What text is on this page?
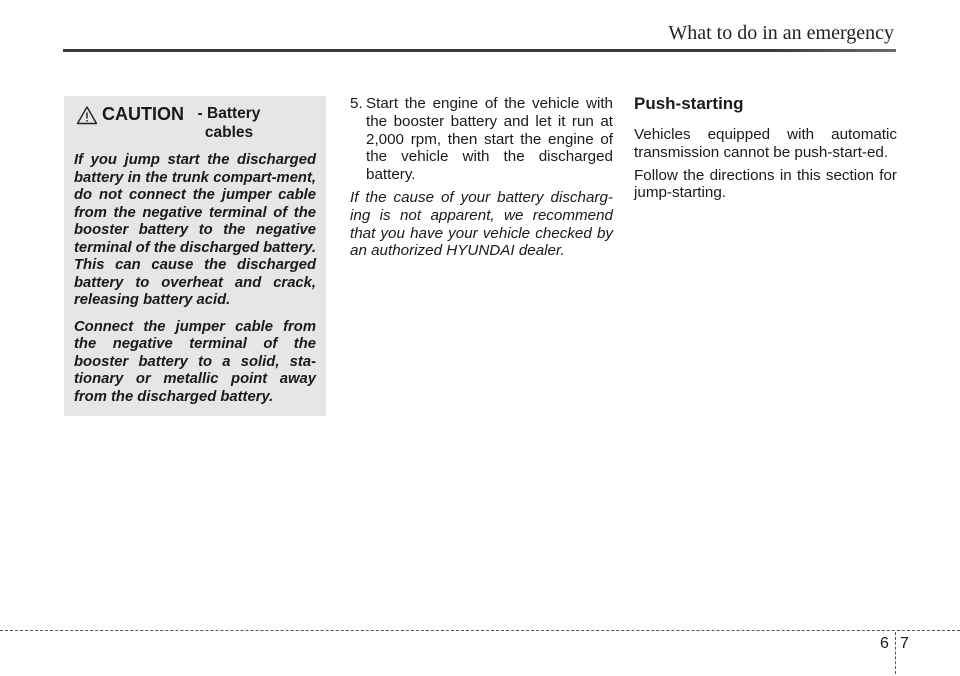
What to do in an emergency
CAUTION - Battery cables

If you jump start the discharged battery in the trunk compart-ment, do not connect the jumper cable from the negative terminal of the booster battery to the negative terminal of the discharged battery. This can cause the discharged battery to overheat and crack, releasing battery acid.

Connect the jumper cable from the negative terminal of the booster battery to a solid, sta-tionary or metallic point away from the discharged battery.

5. Start the engine of the vehicle with the booster battery and let it run at 2,000 rpm, then start the engine of the vehicle with the discharged battery.

If the cause of your battery discharg-ing is not apparent, we recommend that you have your vehicle checked by an authorized HYUNDAI dealer.

Push-starting

Vehicles equipped with automatic transmission cannot be push-start-ed.

Follow the directions in this section for jump-starting.

6 7
